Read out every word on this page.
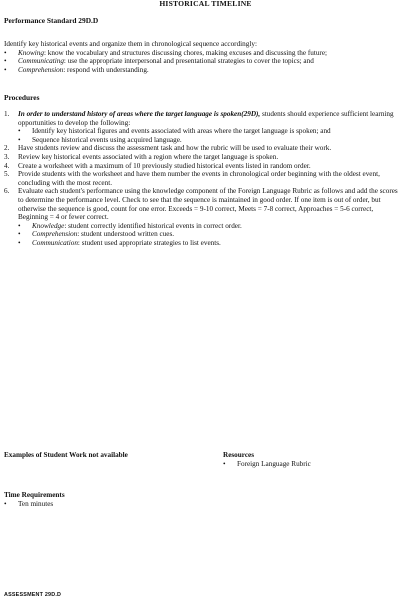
HISTORICAL TIMELINE
Performance Standard 29D.D
Identify key historical events and organize them in chronological sequence accordingly:
• Knowing: know the vocabulary and structures discussing chores, making excuses and discussing the future;
• Communicating: use the appropriate interpersonal and presentational strategies to cover the topics; and
• Comprehension: respond with understanding.
Procedures
1. In order to understand history of areas where the target language is spoken(29D), students should experience sufficient learning opportunities to develop the following:
• Identify key historical figures and events associated with areas where the target language is spoken; and
• Sequence historical events using acquired language.
2. Have students review and discuss the assessment task and how the rubric will be used to evaluate their work.
3. Review key historical events associated with a region where the target language is spoken.
4. Create a worksheet with a maximum of 10 previously studied historical events listed in random order.
5. Provide students with the worksheet and have them number the events in chronological order beginning with the oldest event, concluding with the most recent.
6. Evaluate each student's performance using the knowledge component of the Foreign Language Rubric as follows and add the scores to determine the performance level. Check to see that the sequence is maintained in good order. If one item is out of order, but otherwise the sequence is good, count for one error. Exceeds = 9-10 correct, Meets = 7-8 correct, Approaches = 5-6 correct, Beginning = 4 or fewer correct.
• Knowledge: student correctly identified historical events in correct order.
• Comprehension: student understood written cues.
• Communication: student used appropriate strategies to list events.
Examples of Student Work not available	Resources
• Foreign Language Rubric
Time Requirements
• Ten minutes
ASSESSMENT 29D.D
